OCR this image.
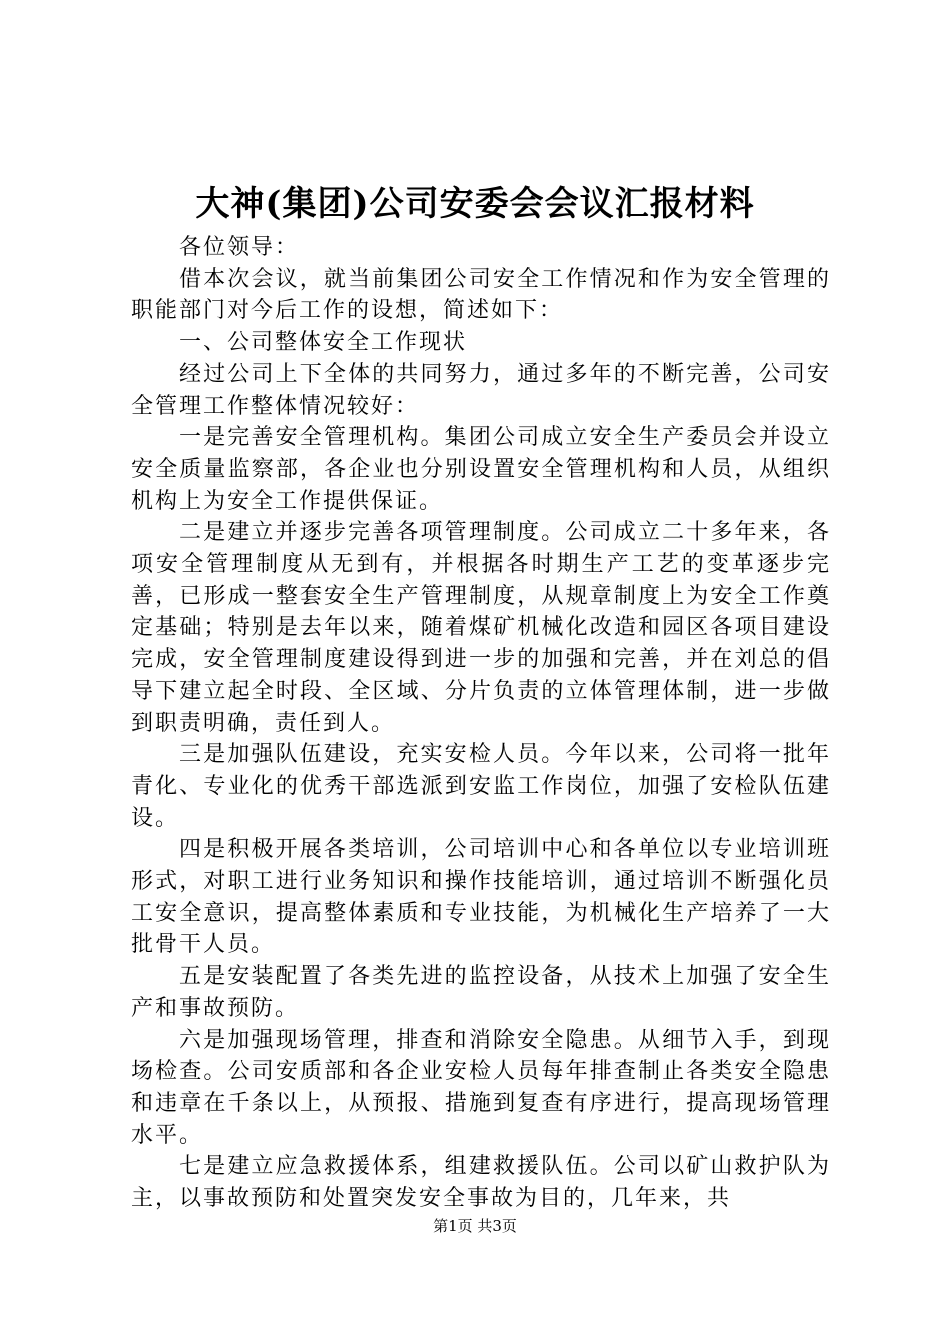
大神(集团)公司安委会会议汇报材料

各位领导：

借本次会议，就当前集团公司安全工作情况和作为安全管理的职能部门对今后工作的设想，简述如下：

一、公司整体安全工作现状

经过公司上下全体的共同努力，通过多年的不断完善，公司安全管理工作整体情况较好：

一是完善安全管理机构。集团公司成立安全生产委员会并设立安全质量监察部，各企业也分别设置安全管理机构和人员，从组织机构上为安全工作提供保证。

二是建立并逐步完善各项管理制度。公司成立二十多年来，各项安全管理制度从无到有，并根据各时期生产工艺的变革逐步完善，已形成一整套安全生产管理制度，从规章制度上为安全工作奠定基础；特别是去年以来，随着煤矿机械化改造和园区各项目建设完成，安全管理制度建设得到进一步的加强和完善，并在刘总的倡导下建立起全时段、全区域、分片负责的立体管理体制，进一步做到职责明确，责任到人。

三是加强队伍建设，充实安检人员。今年以来，公司将一批年青化、专业化的优秀干部选派到安监工作岗位，加强了安检队伍建设。

四是积极开展各类培训，公司培训中心和各单位以专业培训班形式，对职工进行业务知识和操作技能培训，通过培训不断强化员工安全意识，提高整体素质和专业技能，为机械化生产培养了一大批骨干人员。

五是安装配置了各类先进的监控设备，从技术上加强了安全生产和事故预防。

六是加强现场管理，排查和消除安全隐患。从细节入手，到现场检查。公司安质部和各企业安检人员每年排查制止各类安全隐患和违章在千条以上，从预报、措施到复查有序进行，提高现场管理水平。

七是建立应急救援体系，组建救援队伍。公司以矿山救护队为主，以事故预防和处置突发安全事故为目的，几年来，共

第1页 共3页
